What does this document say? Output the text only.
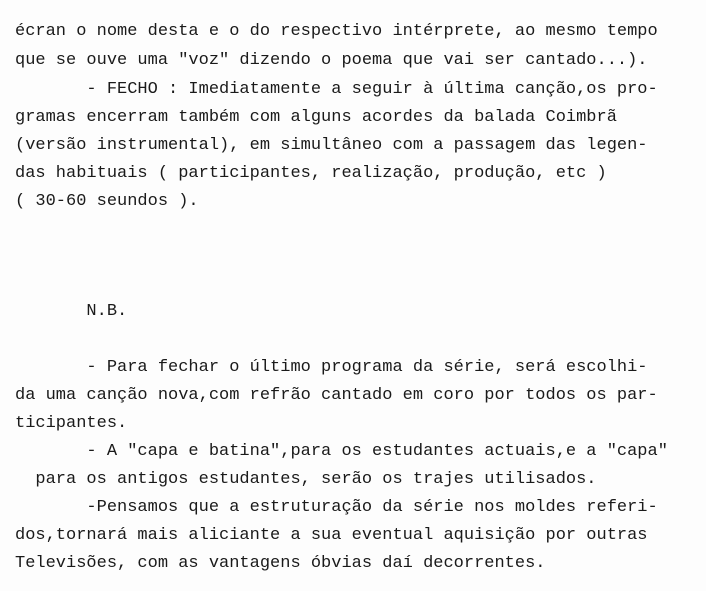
écran o nome desta e o do respectivo intérprete, ao mesmo tempo
que se ouve uma "voz" dizendo o poema que vai ser cantado...).
- FECHO : Imediatamente a seguir à última canção,os pro-
gramas encerram também com alguns acordes da balada Coimbrã
(versão instrumental), em simultâneo com a passagem das legen-
das habituais ( participantes, realização, produção, etc )
( 30-60 seundos ).
N.B.
- Para fechar o último programa da série, será escolhi-
da uma canção nova,com refrão cantado em coro por todos os par-
ticipantes.
- A "capa e batina",para os estudantes actuais,e a "capa"
para os antigos estudantes, serão os trajes utilisados.
-Pensamos que a estruturação da série nos moldes referi-
dos,tornará mais aliciante a sua eventual aquisição por outras
Televisões, com as vantagens óbvias daí decorrentes.
